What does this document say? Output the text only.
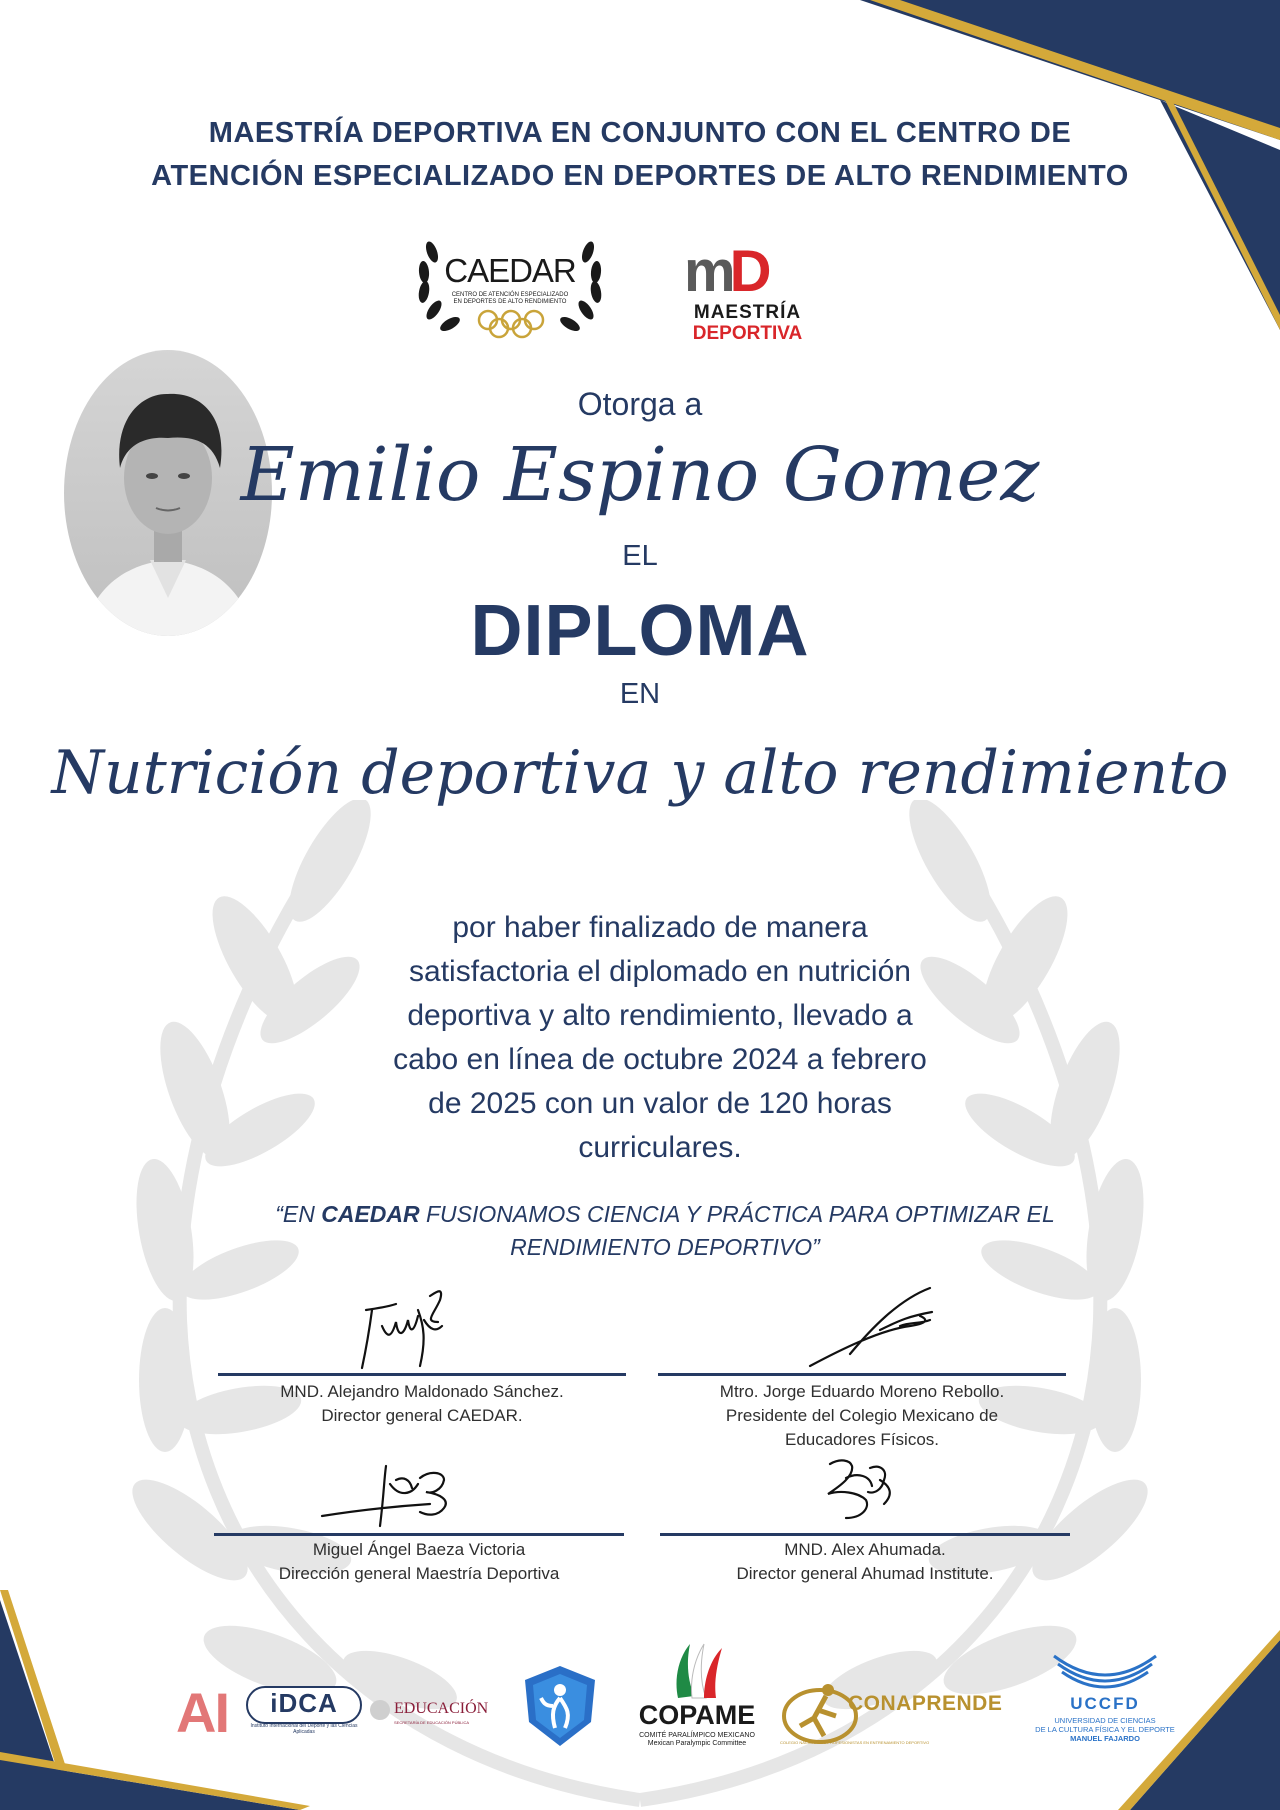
MAESTRÍA DEPORTIVA EN CONJUNTO CON EL CENTRO DE
ATENCIÓN ESPECIALIZADO EN DEPORTES DE ALTO RENDIMIENTO
CAEDAR
CENTRO DE ATENCIÓN ESPECIALIZADO
EN DEPORTES DE ALTO RENDIMIENTO mD
MAESTRÍA
DEPORTIVA
Otorga a
Emilio Espino Gomez
EL
DIPLOMA
EN
Nutrición deportiva y alto rendimiento
por haber finalizado de manera
satisfactoria el diplomado en nutrición
deportiva y alto rendimiento, llevado a
cabo en línea de octubre 2024 a febrero
de 2025 con un valor de 120 horas
curriculares.
“EN CAEDAR FUSIONAMOS CIENCIA Y PRÁCTICA PARA OPTIMIZAR EL
RENDIMIENTO DEPORTIVO”
MND. Alejandro Maldonado Sánchez.
Director general CAEDAR.
Mtro. Jorge Eduardo Moreno Rebollo.
Presidente del Colegio Mexicano de
Educadores Físicos.
Miguel Ángel Baeza Victoria
Dirección general Maestría Deportiva
MND. Alex Ahumada.
Director general Ahumad Institute.
AI	iDCA
Instituto Internacional del Deporte y las Ciencias Aplicadas
EDUCACIÓN
SECRETARÍA DE EDUCACIÓN PÚBLICA	COPAME
COMITÉ PARALÍMPICO MEXICANO
Mexican Paralympic Committee
CONAPRENDE
COLEGIO NACIONAL DE PROFESIONISTAS EN ENTRENAMIENTO DEPORTIVO
UCCFD
UNIVERSIDAD DE CIENCIAS
DE LA CULTURA FÍSICA Y EL DEPORTE
MANUEL FAJARDO
